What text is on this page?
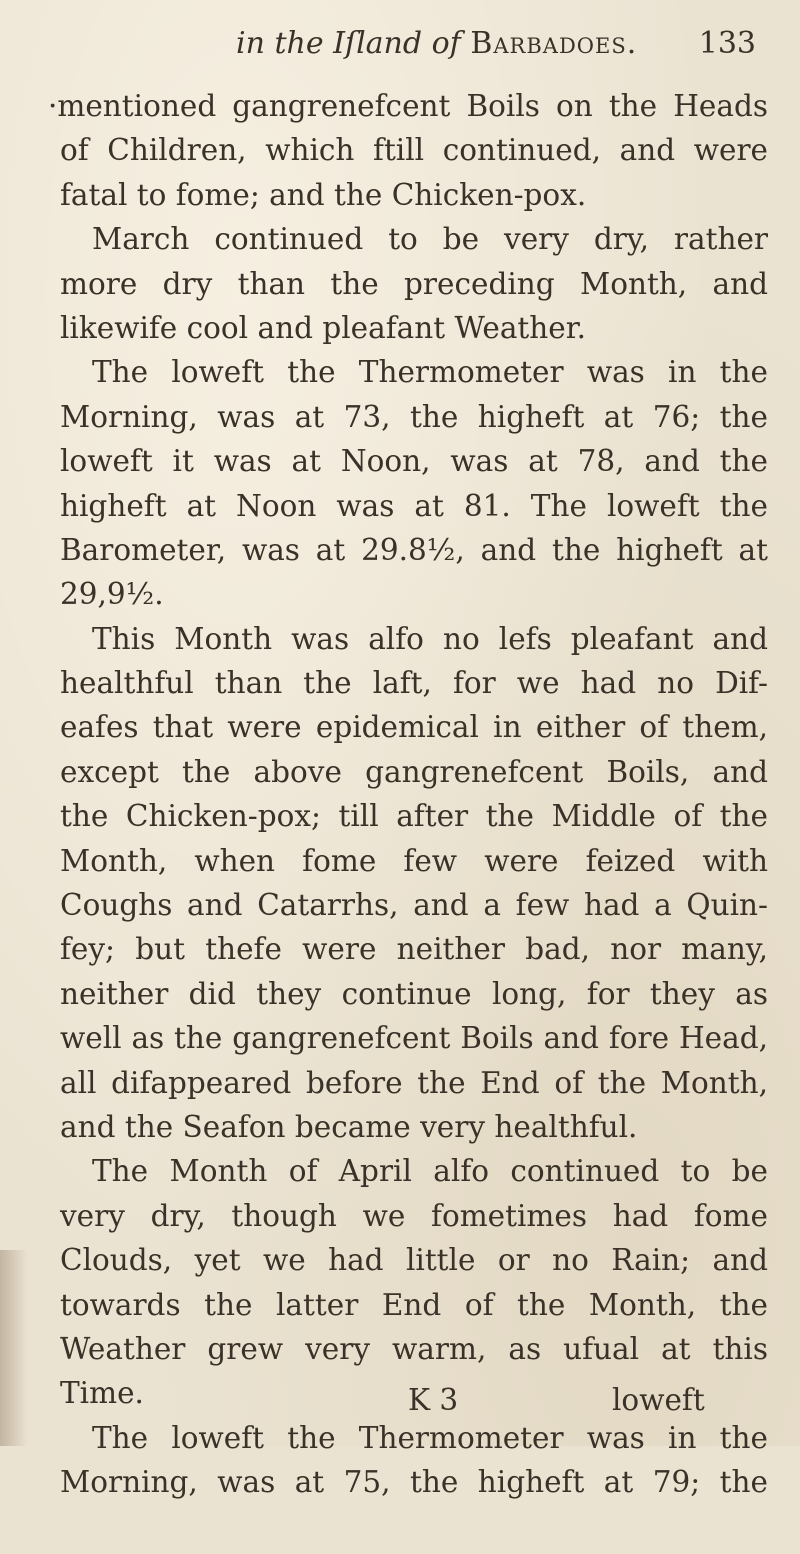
in the Iſland of Barbadoes. 133
·mentioned gangrenefcent Boils on the Heads
of Children, which ftill continued, and were
fatal to fome; and the Chicken-pox.
March continued to be very dry, rather
more dry than the preceding Month, and
likewife cool and pleafant Weather.
The loweft the Thermometer was in the
Morning, was at 73, the higheft at 76; the
loweft it was at Noon, was at 78, and the
higheft at Noon was at 81. The loweft the
Barometer, was at 29.8½, and the higheft at
29,9½.
This Month was alfo no lefs pleafant and
healthful than the laft, for we had no Dif-
eafes that were epidemical in either of them,
except the above gangrenefcent Boils, and
the Chicken-pox; till after the Middle of the
Month, when fome few were feized with
Coughs and Catarrhs, and a few had a Quin-
fey; but thefe were neither bad, nor many,
neither did they continue long, for they as
well as the gangrenefcent Boils and fore Head,
all difappeared before the End of the Month,
and the Seafon became very healthful.
The Month of April alfo continued to be
very dry, though we fometimes had fome
Clouds, yet we had little or no Rain; and
towards the latter End of the Month, the
Weather grew very warm, as ufual at this
Time.
The loweft the Thermometer was in the
Morning, was at 75, the higheft at 79; the
K 3	loweft
